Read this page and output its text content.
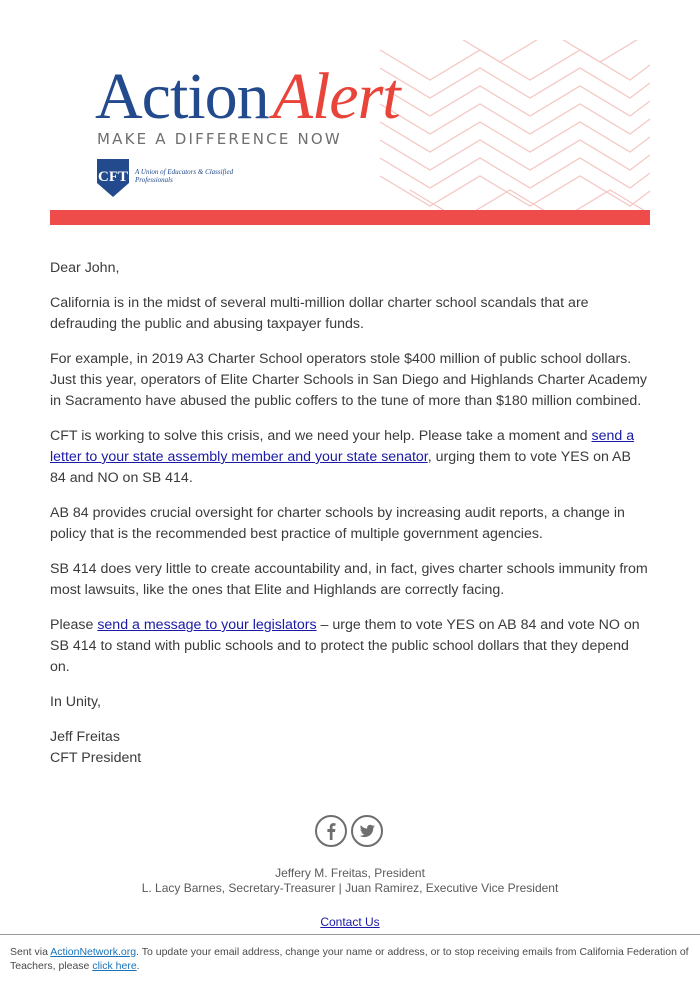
ActionAlert
MAKE A DIFFERENCE NOW
CFT A Union of Educators & Classified Professionals

Dear John,

California is in the midst of several multi-million dollar charter school scandals that are defrauding the public and abusing taxpayer funds.

For example, in 2019 A3 Charter School operators stole $400 million of public school dollars. Just this year, operators of Elite Charter Schools in San Diego and Highlands Charter Academy in Sacramento have abused the public coffers to the tune of more than $180 million combined.

CFT is working to solve this crisis, and we need your help. Please take a moment and send a letter to your state assembly member and your state senator, urging them to vote YES on AB 84 and NO on SB 414.

AB 84 provides crucial oversight for charter schools by increasing audit reports, a change in policy that is the recommended best practice of multiple government agencies.

SB 414 does very little to create accountability and, in fact, gives charter schools immunity from most lawsuits, like the ones that Elite and Highlands are correctly facing.

Please send a message to your legislators – urge them to vote YES on AB 84 and vote NO on SB 414 to stand with public schools and to protect the public school dollars that they depend on.

In Unity,

Jeff Freitas
CFT President

Jeffery M. Freitas, President
L. Lacy Barnes, Secretary-Treasurer | Juan Ramirez, Executive Vice President
Contact Us
Sent via ActionNetwork.org. To update your email address, change your name or address, or to stop receiving emails from California Federation of Teachers, please click here.
